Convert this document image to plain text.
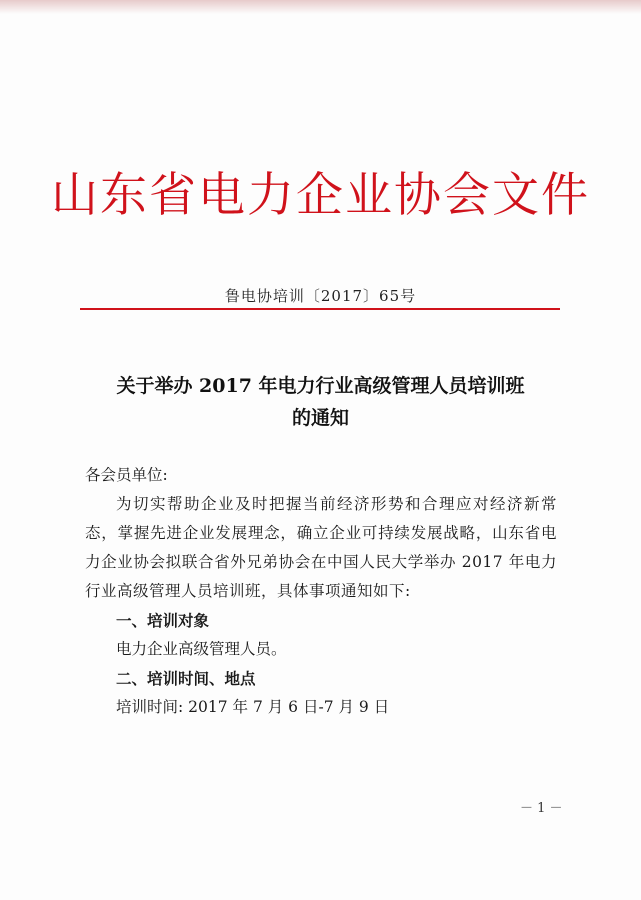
山东省电力企业协会文件
鲁电协培训〔2017〕65号
关于举办 2017 年电力行业高级管理人员培训班
的通知

各会员单位:

为切实帮助企业及时把握当前经济形势和合理应对经济新常态，掌握先进企业发展理念，确立企业可持续发展战略，山东省电力企业协会拟联合省外兄弟协会在中国人民大学举办 2017 年电力行业高级管理人员培训班，具体事项通知如下:

一、培训对象

电力企业高级管理人员。

二、培训时间、地点

培训时间: 2017 年 7 月 6 日-7 月 9 日

－ 1 －
